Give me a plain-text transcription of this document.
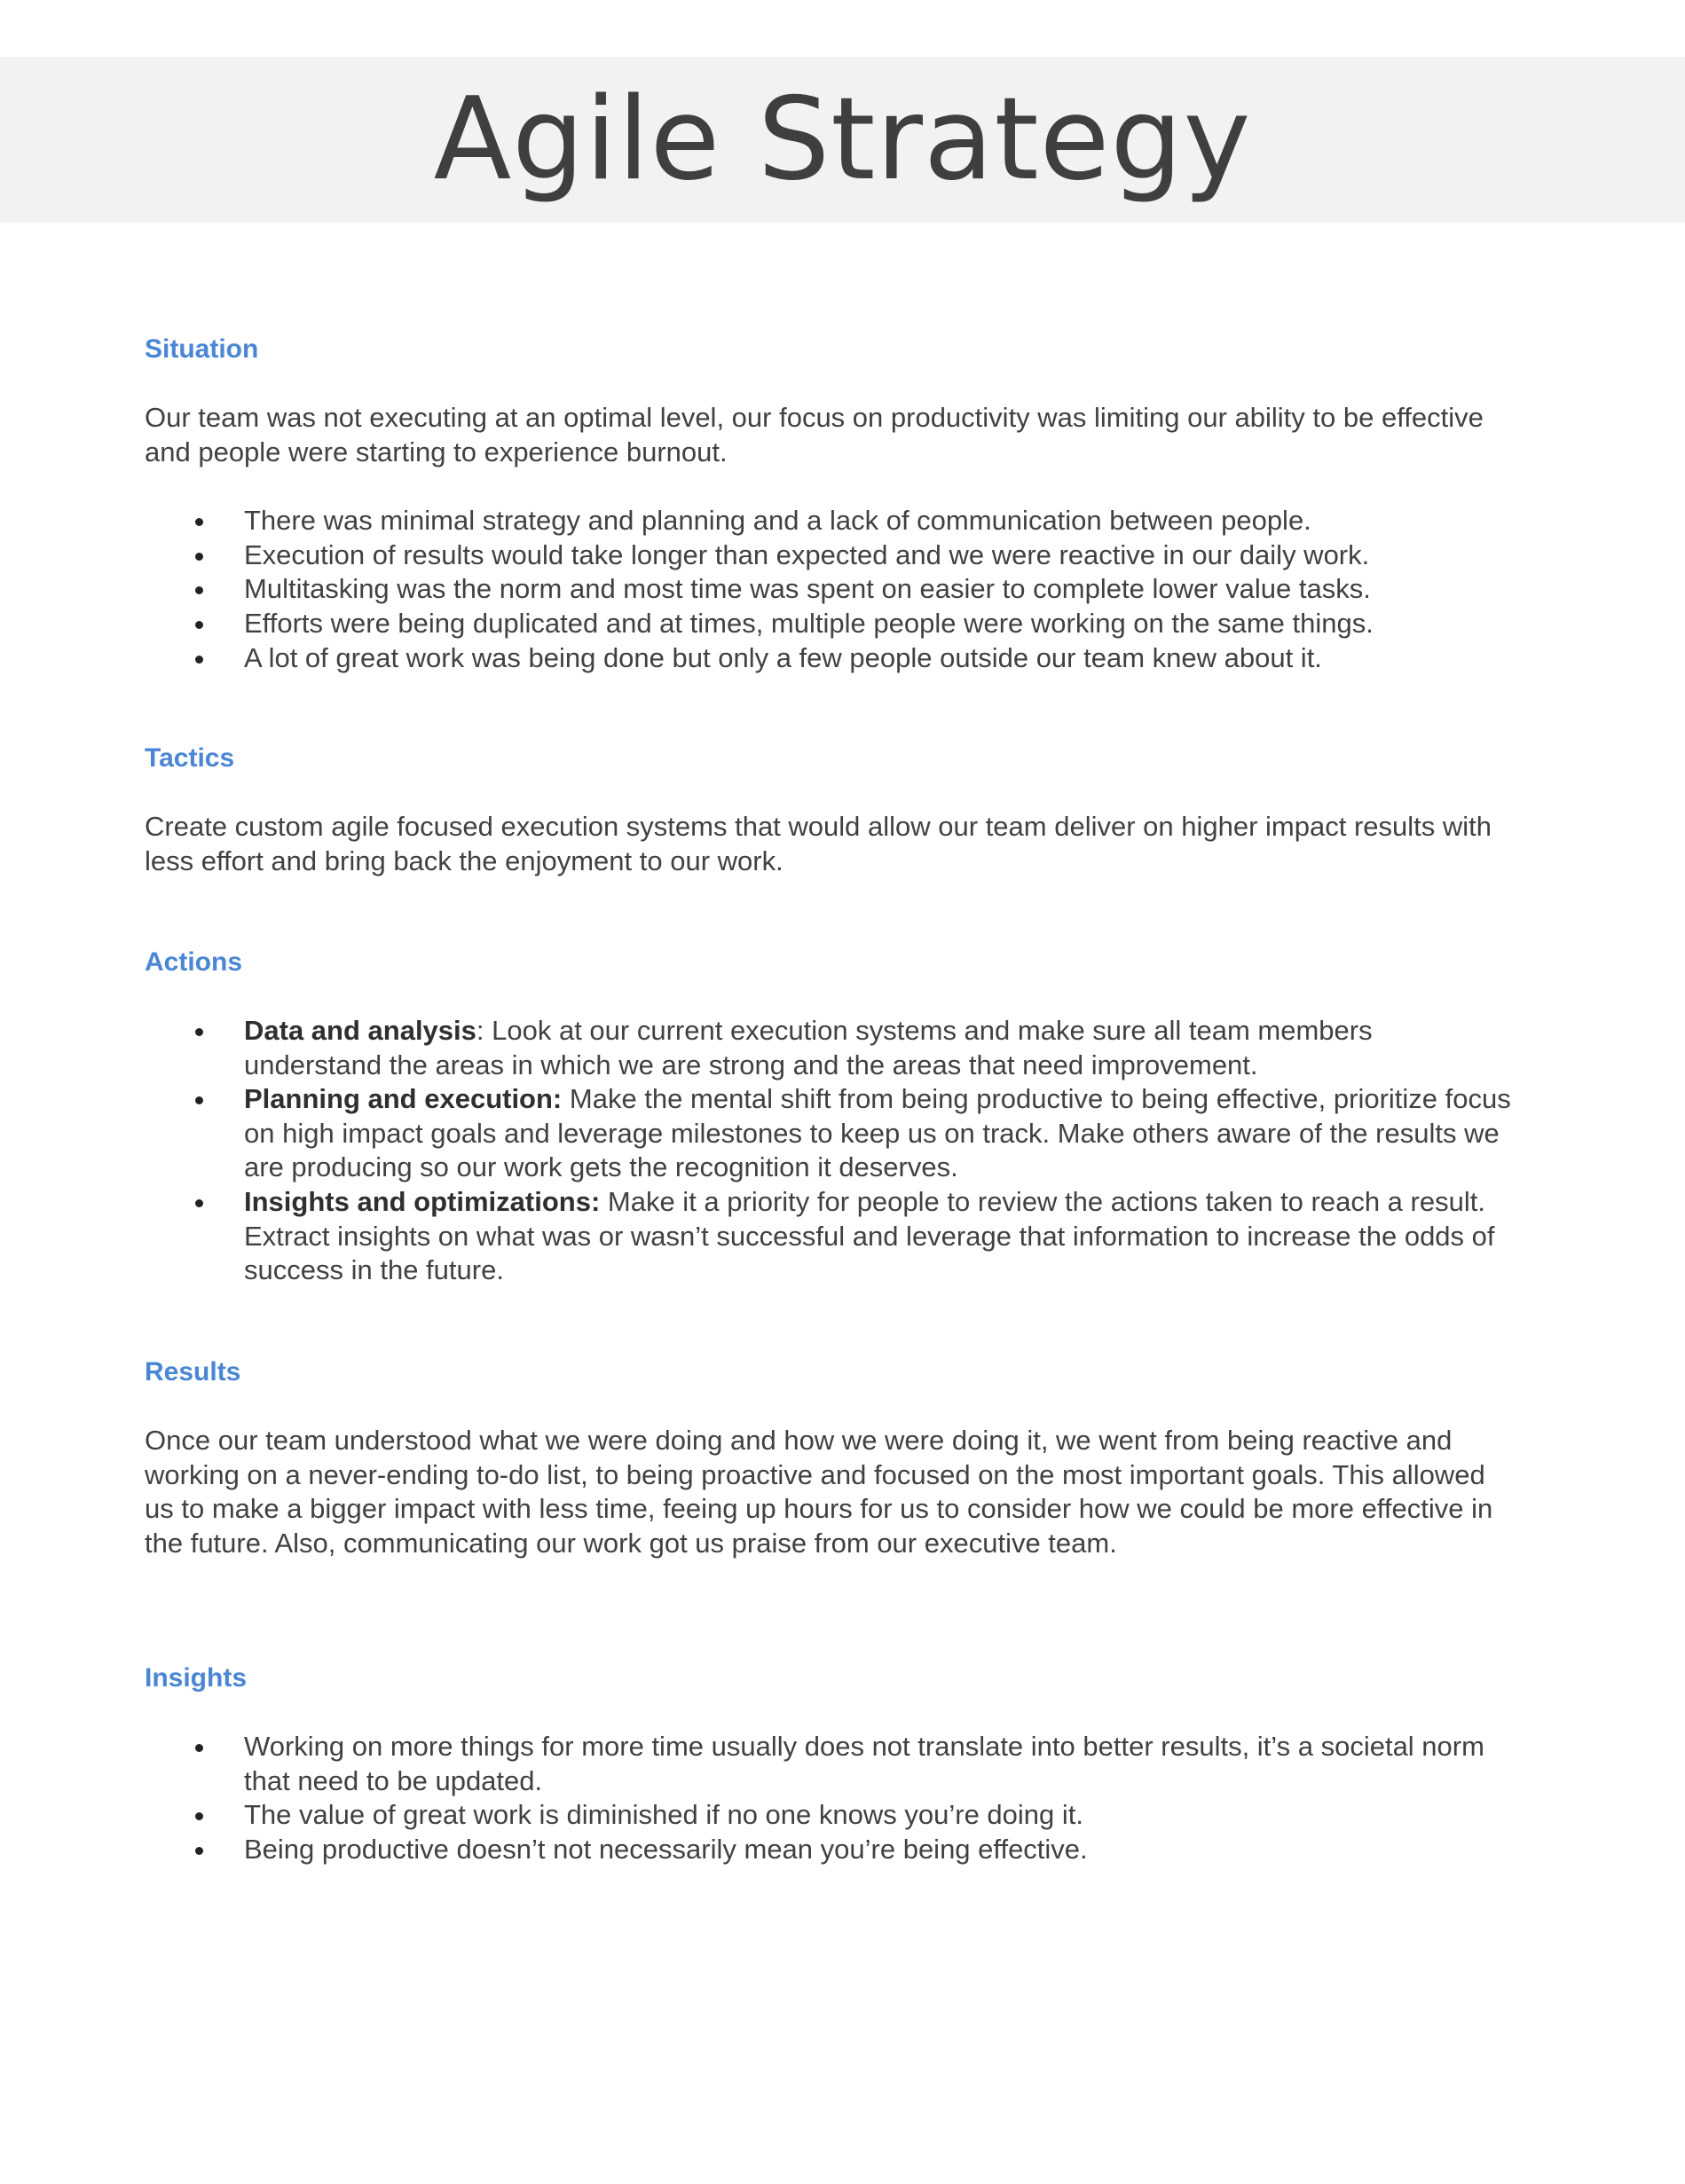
Agile Strategy
Situation

Our team was not executing at an optimal level, our focus on productivity was limiting our ability to be effective and people were starting to experience burnout.

There was minimal strategy and planning and a lack of communication between people.
Execution of results would take longer than expected and we were reactive in our daily work.
Multitasking was the norm and most time was spent on easier to complete lower value tasks.
Efforts were being duplicated and at times, multiple people were working on the same things.
A lot of great work was being done but only a few people outside our team knew about it.
Tactics

Create custom agile focused execution systems that would allow our team deliver on higher impact results with less effort and bring back the enjoyment to our work.

Actions
Data and analysis: Look at our current execution systems and make sure all team members understand the areas in which we are strong and the areas that need improvement.
Planning and execution: Make the mental shift from being productive to being effective, prioritize focus on high impact goals and leverage milestones to keep us on track. Make others aware of the results we are producing so our work gets the recognition it deserves.
Insights and optimizations: Make it a priority for people to review the actions taken to reach a result. Extract insights on what was or wasn’t successful and leverage that information to increase the odds of success in the future.
Results

Once our team understood what we were doing and how we were doing it, we went from being reactive and working on a never-ending to-do list, to being proactive and focused on the most important goals. This allowed us to make a bigger impact with less time, feeing up hours for us to consider how we could be more effective in the future. Also, communicating our work got us praise from our executive team.

Insights
Working on more things for more time usually does not translate into better results, it’s a societal norm that need to be updated.
The value of great work is diminished if no one knows you’re doing it.
Being productive doesn’t not necessarily mean you’re being effective.
